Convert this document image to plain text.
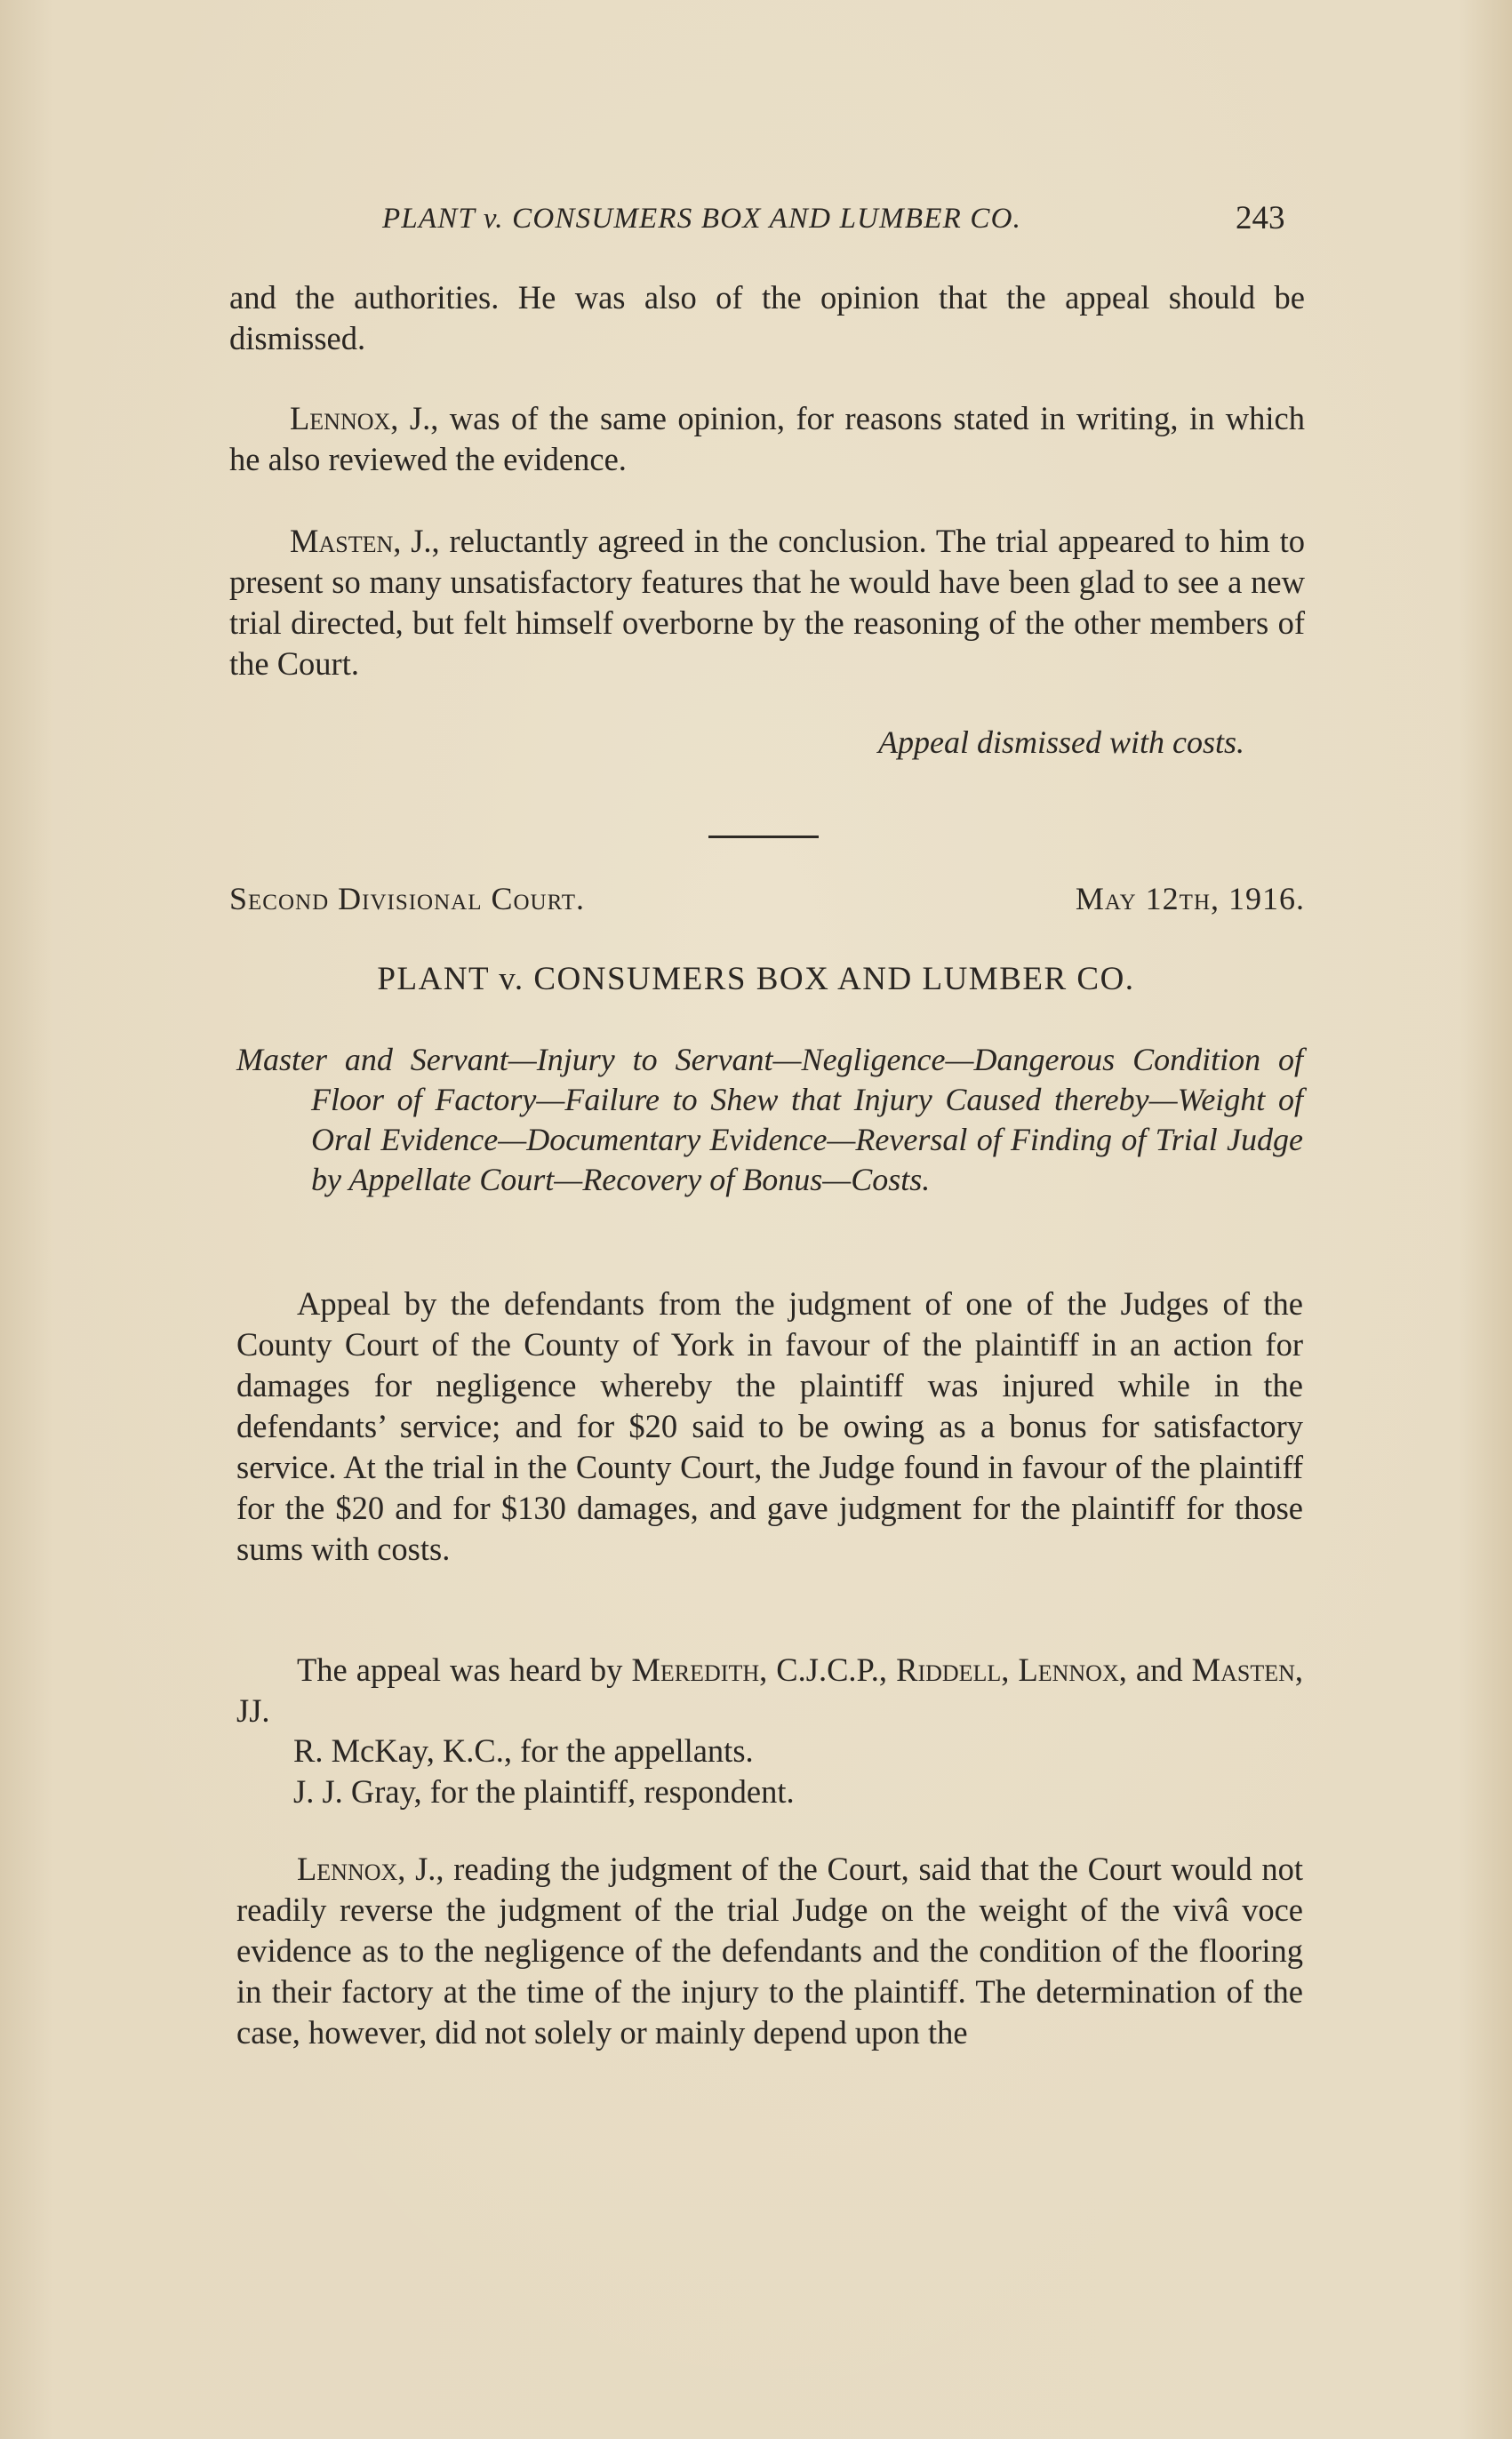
PLANT v. CONSUMERS BOX AND LUMBER CO.	243

and the authorities. He was also of the opinion that the appeal should be dismissed.

Lennox, J., was of the same opinion, for reasons stated in writing, in which he also reviewed the evidence.

Masten, J., reluctantly agreed in the conclusion. The trial appeared to him to present so many unsatisfactory features that he would have been glad to see a new trial directed, but felt himself overborne by the reasoning of the other members of the Court.

Appeal dismissed with costs.
Second Divisional Court.	May 12th, 1916.
PLANT v. CONSUMERS BOX AND LUMBER CO.

Master and Servant—Injury to Servant—Negligence—Dangerous Condition of Floor of Factory—Failure to Shew that Injury Caused thereby—Weight of Oral Evidence—Documentary Evidence—Reversal of Finding of Trial Judge by Appellate Court—Recovery of Bonus—Costs.

Appeal by the defendants from the judgment of one of the Judges of the County Court of the County of York in favour of the plaintiff in an action for damages for negligence whereby the plaintiff was injured while in the defendants’ service; and for $20 said to be owing as a bonus for satisfactory service. At the trial in the County Court, the Judge found in favour of the plaintiff for the $20 and for $130 damages, and gave judgment for the plaintiff for those sums with costs.

The appeal was heard by Meredith, C.J.C.P., Riddell, Lennox, and Masten, JJ.

R. McKay, K.C., for the appellants.
J. J. Gray, for the plaintiff, respondent.

Lennox, J., reading the judgment of the Court, said that the Court would not readily reverse the judgment of the trial Judge on the weight of the vivâ voce evidence as to the negligence of the defendants and the condition of the flooring in their factory at the time of the injury to the plaintiff. The determination of the case, however, did not solely or mainly depend upon the
